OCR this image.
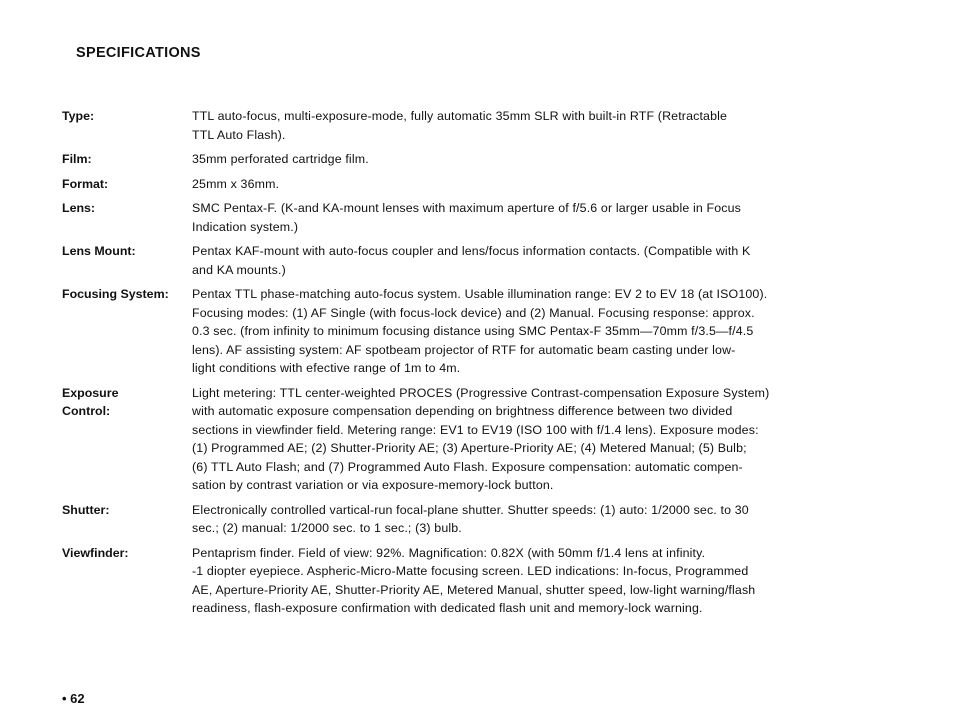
SPECIFICATIONS
Type:	TTL auto-focus, multi-exposure-mode, fully automatic 35mm SLR with built-in RTF (Retractable
TTL Auto Flash).
Film:	35mm perforated cartridge film.
Format:	25mm x 36mm.
Lens:	SMC Pentax-F. (K-and KA-mount lenses with maximum aperture of f/5.6 or larger usable in Focus
Indication system.)
Lens Mount:	Pentax KAF-mount with auto-focus coupler and lens/focus information contacts. (Compatible with K
and KA mounts.)
Focusing System:	Pentax TTL phase-matching auto-focus system. Usable illumination range: EV 2 to EV 18 (at ISO100).
Focusing modes: (1) AF Single (with focus-lock device) and (2) Manual. Focusing response: approx.
0.3 sec. (from infinity to minimum focusing distance using SMC Pentax-F 35mm—70mm f/3.5—f/4.5
lens). AF assisting system: AF spotbeam projector of RTF for automatic beam casting under low-
light conditions with efective range of 1m to 4m.
Exposure
Control:
Light metering: TTL center-weighted PROCES (Progressive Contrast-compensation Exposure System)
with automatic exposure compensation depending on brightness difference between two divided
sections in viewfinder field. Metering range: EV1 to EV19 (ISO 100 with f/1.4 lens). Exposure modes:
(1) Programmed AE; (2) Shutter-Priority AE; (3) Aperture-Priority AE; (4) Metered Manual; (5) Bulb;
(6) TTL Auto Flash; and (7) Programmed Auto Flash. Exposure compensation: automatic compen-
sation by contrast variation or via exposure-memory-lock button.
Shutter:	Electronically controlled vartical-run focal-plane shutter. Shutter speeds: (1) auto: 1/2000 sec. to 30
sec.; (2) manual: 1/2000 sec. to 1 sec.; (3) bulb.
Viewfinder:	Pentaprism finder. Field of view: 92%. Magnification: 0.82X (with 50mm f/1.4 lens at infinity.
-1 diopter eyepiece. Aspheric-Micro-Matte focusing screen. LED indications: In-focus, Programmed
AE, Aperture-Priority AE, Shutter-Priority AE, Metered Manual, shutter speed, low-light warning/flash
readiness, flash-exposure confirmation with dedicated flash unit and memory-lock warning.
• 62
